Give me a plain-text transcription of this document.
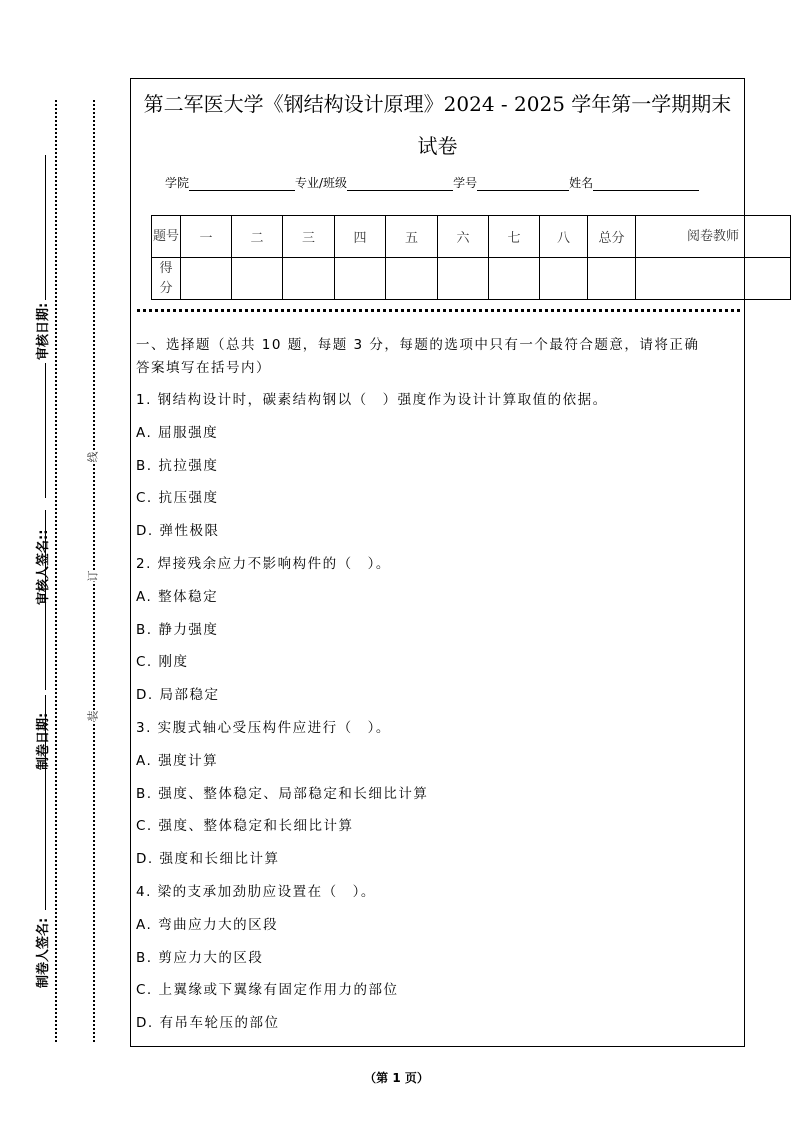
装
订
线
制卷人签名:
制卷日期:
审核人签名::
审核日期:
第二军医大学《钢结构设计原理》2024 - 2025 学年第一学期期末
试卷
学院	专业/班级	学号	姓名
题号	一	二	三	四	五	六	七	八	总分	阅卷教师
得分										
一、选择题（总共 10 题，每题 3 分，每题的选项中只有一个最符合题意，请将正确
答案填写在括号内）
1. 钢结构设计时，碳素结构钢以（　）强度作为设计计算取值的依据。
A. 屈服强度
B. 抗拉强度
C. 抗压强度
D. 弹性极限
2. 焊接残余应力不影响构件的（　）。
A. 整体稳定
B. 静力强度
C. 刚度
D. 局部稳定
3. 实腹式轴心受压构件应进行（　）。
A. 强度计算
B. 强度、整体稳定、局部稳定和长细比计算
C. 强度、整体稳定和长细比计算
D. 强度和长细比计算
4. 梁的支承加劲肋应设置在（　）。
A. 弯曲应力大的区段
B. 剪应力大的区段
C. 上翼缘或下翼缘有固定作用力的部位
D. 有吊车轮压的部位
（第 1 页）
